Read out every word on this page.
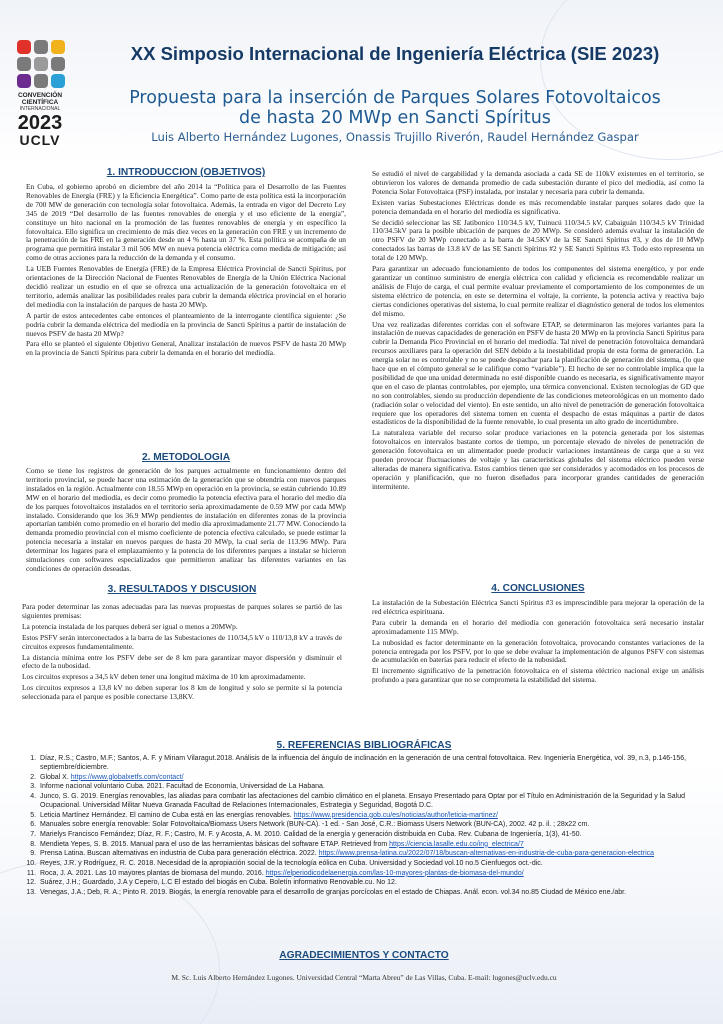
CONVENCIÓN CIENTÍFICA
INTERNACIONAL
2023
UCLV
XX Simposio Internacional de Ingeniería Eléctrica (SIE 2023)
Propuesta para la inserción de Parques Solares Fotovoltaicos
de hasta 20 MWp en Sancti Spíritus
Luis Alberto Hernández Lugones, Onassis Trujillo Riverón, Raudel Hernández Gaspar
1. INTRODUCCION (OBJETIVOS)

En Cuba, el gobierno aprobó en diciembre del año 2014 la “Política para el Desarrollo de las Fuentes Renovables de Energía (FRE) y la Eficiencia Energética”. Como parte de esta política está la incorporación de 700 MW de generación con tecnología solar fotovoltaica. Además, la entrada en vigor del Decreto Ley 345 de 2019 “Del desarrollo de las fuentes renovables de energía y el uso eficiente de la energía”, constituye un hito nacional en la promoción de las fuentes renovables de energía y en específico la fotovoltaica. Ello significa un crecimiento de más diez veces en la generación con FRE y un incremento de la penetración de las FRE en la generación desde un 4 % hasta un 37 %. Esta política se acompaña de un programa que permitirá instalar 3 mil 506 MW en nueva potencia eléctrica como medida de mitigación; así como de otras acciones para la reducción de la demanda y el consumo.

La UEB Fuentes Renovables de Energía (FRE) de la Empresa Eléctrica Provincial de Sancti Spíritus, por orientaciones de la Dirección Nacional de Fuentes Renovables de Energía de la Unión Eléctrica Nacional decidió realizar un estudio en el que se ofrezca una actualización de la generación fotovoltaica en el territorio, además analizar las posibilidades reales para cubrir la demanda eléctrica provincial en el horario del mediodía con la instalación de parques de hasta 20 MWp.

A partir de estos antecedentes cabe entonces el planteamiento de la interrogante científica siguiente: ¿Se podría cubrir la demanda eléctrica del mediodía en la provincia de Sancti Spíritus a partir de instalación de nuevos PSFV de hasta 20 MWp?

Para ello se planteó el siguiente Objetivo General, Analizar instalación de nuevos PSFV de hasta 20 MWp en la provincia de Sancti Spíritus para cubrir la demanda en el horario del mediodía.

2. METODOLOGIA

Como se tiene los registros de generación de los parques actualmente en funcionamiento dentro del territorio provincial, se puede hacer una estimación de la generación que se obtendría con nuevos parques instalados en la región. Actualmente con 18.55 MWp en operación en la provincia, se están cubriendo 10.89 MW en el horario del mediodía, es decir como promedio la potencia efectiva para el horario del medio día de los parques fotovoltaicos instalados en el territorio seria aproximadamente de 0.59 MW por cada MWp instalado. Considerando que los 36.9 MWp pendientes de instalación en diferentes zonas de la provincia aportarían también como promedio en el horario del medio día aproximadamente 21.77 MW. Conociendo la demanda promedio provincial con el mismo coeficiente de potencia efectiva calculado, se puede estimar la potencia necesaria a instalar en nuevos parques de hasta 20 MWp, la cual sería de 113.96 MWp. Para determinar los lugares para el emplazamiento y la potencia de los diferentes parques a instalar se hicieron simulaciones con softwares especializados que permitieron analizar las diferentes variantes en las condiciones de operación deseadas.

3. RESULTADOS Y DISCUSION

Para poder determinar las zonas adecuadas para las nuevas propuestas de parques solares se partió de las siguientes premisas:

La potencia instalada de los parques deberá ser igual o menos a 20MWp.

Estos PSFV serán interconectados a la barra de las Subestaciones de 110/34,5 kV o 110/13,8 kV a través de circuitos expresos fundamentalmente.

La distancia mínima entre los PSFV debe ser de 8 km para garantizar mayor dispersión y disminuir el efecto de la nubosidad.

Los circuitos expresos a 34,5 kV deben tener una longitud máxima de 10 km aproximadamente.

Los circuitos expresos a 13,8 kV no deben superar los 8 km de longitud y solo se permite si la potencia seleccionada para el parque es posible conectarse 13,8KV.

Se estudió el nivel de cargabilidad y la demanda asociada a cada SE de 110kV existentes en el territorio, se obtuvieron los valores de demanda promedio de cada subestación durante el pico del mediodía, así como la Potencia Solar Fotovoltaica (PSF) instalada, por instalar y necesaria para cubrir la demanda.

Existen varias Subestaciones Eléctricas donde es más recomendable instalar parques solares dado que la potencia demandada en el horario del mediodía es significativa.

Se decidió seleccionar las SE Jatibonico 110/34.5 kV, Tuinucú 110/34.5 kV, Cabaiguán 110/34.5 kV Trinidad 110/34.5kV para la posible ubicación de parques de 20 MWp. Se consideró además evaluar la instalación de otro PSFV de 20 MWp conectado a la barra de 34.5KV de la SE Sancti Spíritus #3, y dos de 10 MWp conectados las barras de 13.8 kV de las SE Sancti Spíritus #2 y SE Sancti Spíritus #3. Todo esto representa un total de 120 MWp.

Para garantizar un adecuado funcionamiento de todos los componentes del sistema energético, y por ende garantizar un continuo suministro de energía eléctrica con calidad y eficiencia es recomendable realizar un análisis de Flujo de carga, el cual permite evaluar previamente el comportamiento de los componentes de un sistema eléctrico de potencia, en este se determina el voltaje, la corriente, la potencia activa y reactiva bajo ciertas condiciones operativas del sistema, lo cual permite realizar el diagnóstico general de todos los elementos del mismo.

Una vez realizadas diferentes corridas con el software ETAP, se determinaron las mejores variantes para la instalación de nuevas capacidades de generación en PSFV de hasta 20 MWp en la provincia Sancti Spíritus para cubrir la Demanda Pico Provincial en el horario del mediodía. Tal nivel de penetración fotovoltaica demandará recursos auxiliares para la operación del SEN debido a la inestabilidad propia de esta forma de generación. La energía solar no es controlable y no se puede despachar para la planificación de generación del sistema, (lo que hace que en el cómputo general se le califique como “variable”). El hecho de ser no controlable implica que la posibilidad de que una unidad determinada no esté disponible cuando es necesaria, es significativamente mayor que en el caso de plantas controlables, por ejemplo, una térmica convencional. Existen tecnologías de GD que no son controlables, siendo su producción dependiente de las condiciones meteorológicas en un momento dado (radiación solar o velocidad del viento). En este sentido, un alto nivel de penetración de generación fotovoltaica requiere que los operadores del sistema tomen en cuenta el despacho de estas máquinas a partir de datos estadísticos de la disponibilidad de la fuente renovable, lo cual presenta un alto grado de incertidumbre.

La naturaleza variable del recurso solar produce variaciones en la potencia generada por los sistemas fotovoltaicos en intervalos bastante cortos de tiempo, un porcentaje elevado de niveles de penetración de generación fotovoltaica en un alimentador puede producir variaciones instantáneas de carga que a su vez pueden provocar fluctuaciones de voltaje y las características globales del sistema eléctrico pueden verse alteradas de manera significativa. Estos cambios tienen que ser considerados y acomodados en los procesos de operación y planificación, que no fueron diseñados para incorporar grandes cantidades de generación intermitente.

4. CONCLUSIONES

La instalación de la Subestación Eléctrica Sancti Spíritus #3 es imprescindible para mejorar la operación de la red eléctrica espirituana.

Para cubrir la demanda en el horario del mediodía con generación fotovoltaica será necesario instalar aproximadamente 115 MWp.

La nubosidad es factor determinante en la generación fotovoltaica, provocando constantes variaciones de la potencia entregada por los PSFV, por lo que se debe evaluar la implementación de algunos PSFV con sistemas de acumulación en baterías para reducir el efecto de la nubosidad.

El incremento significativo de la penetración fotovoltaica en el sistema eléctrico nacional exige un análisis profundo a para garantizar que no se comprometa la estabilidad del sistema.

5. REFERENCIAS BIBLIOGRÁFICAS
1. Díaz, R.S.; Castro, M.F.; Santos, A. F. y Miriam Vilaragut.2018. Análisis de la influencia del ángulo de inclinación en la generación de una central fotovoltaica. Rev. Ingeniería Energética, vol. 39, n.3, p.146-156, septiembre/diciembre.
2. Global X. https://www.globalxetfs.com/contact/
3. Informe nacional voluntario Cuba. 2021. Facultad de Economía, Universidad de La Habana.
4. Junco, S. G. 2019. Energías renovables, las aliadas para combatir las afectaciones del cambio climático en el planeta. Ensayo Presentado para Optar por el Título en Administración de la Seguridad y la Salud Ocupacional. Universidad Militar Nueva Granada Facultad de Relaciones Internacionales, Estrategia y Seguridad, Bogotá D.C.
5. Leticia Martínez Hernández. El camino de Cuba está en las energías renovables. https://www.presidencia.gob.cu/es/noticias/author/leticia-martinez/
6. Manuales sobre energía renovable: Solar Fotovoltaica/Biomass Users Network (BUN-CA). -1 ed. - San José, C.R.: Biomass Users Network (BUN-CA), 2002. 42 p. il. ; 28x22 cm.
7. Marielys Francisco Fernández; Díaz, R. F.; Castro, M. F. y Acosta, A. M. 2010. Calidad de la energía y generación distribuida en Cuba. Rev. Cubana de Ingeniería, 1(3), 41-50.
8. Mendieta Yepes, S. B. 2015. Manual para el uso de las herramientas básicas del software ETAP. Retrieved from https://ciencia.lasalle.edu.co/ing_electrica/7
9. Prensa Latina. Buscan alternativas en industria de Cuba para generación eléctrica. 2022. https://www.prensa-latina.cu/2022/07/18/buscan-alternativas-en-industria-de-cuba-para-generacion-electrica
10. Reyes, J.R. y Rodríguez, R. C. 2018. Necesidad de la apropiación social de la tecnología eólica en Cuba. Universidad y Sociedad vol.10 no.5 Cienfuegos oct.-dic.
11. Roca, J. A. 2021. Las 10 mayores plantas de biomasa del mundo. 2016. https://elperiodicodelaenergia.com/las-10-mayores-plantas-de-biomasa-del-mundo/
12. Suárez, J.H.; Guardado, J.A y Cepero, L.C El estado del biogás en Cuba. Boletín informativo Renovable.cu. No 12.
13. Venegas, J.A.; Deb, R. A.; Pinto R. 2019. Biogás, la energía renovable para el desarrollo de granjas porcícolas en el estado de Chiapas. Anál. econ. vol.34 no.85 Ciudad de México ene./abr.
AGRADECIMIENTOS Y CONTACTO
M. Sc. Luis Alberto Hernández Lugones. Universidad Central “Marta Abreu” de Las Villas, Cuba. E-mail: lugones@uclv.edu.cu
